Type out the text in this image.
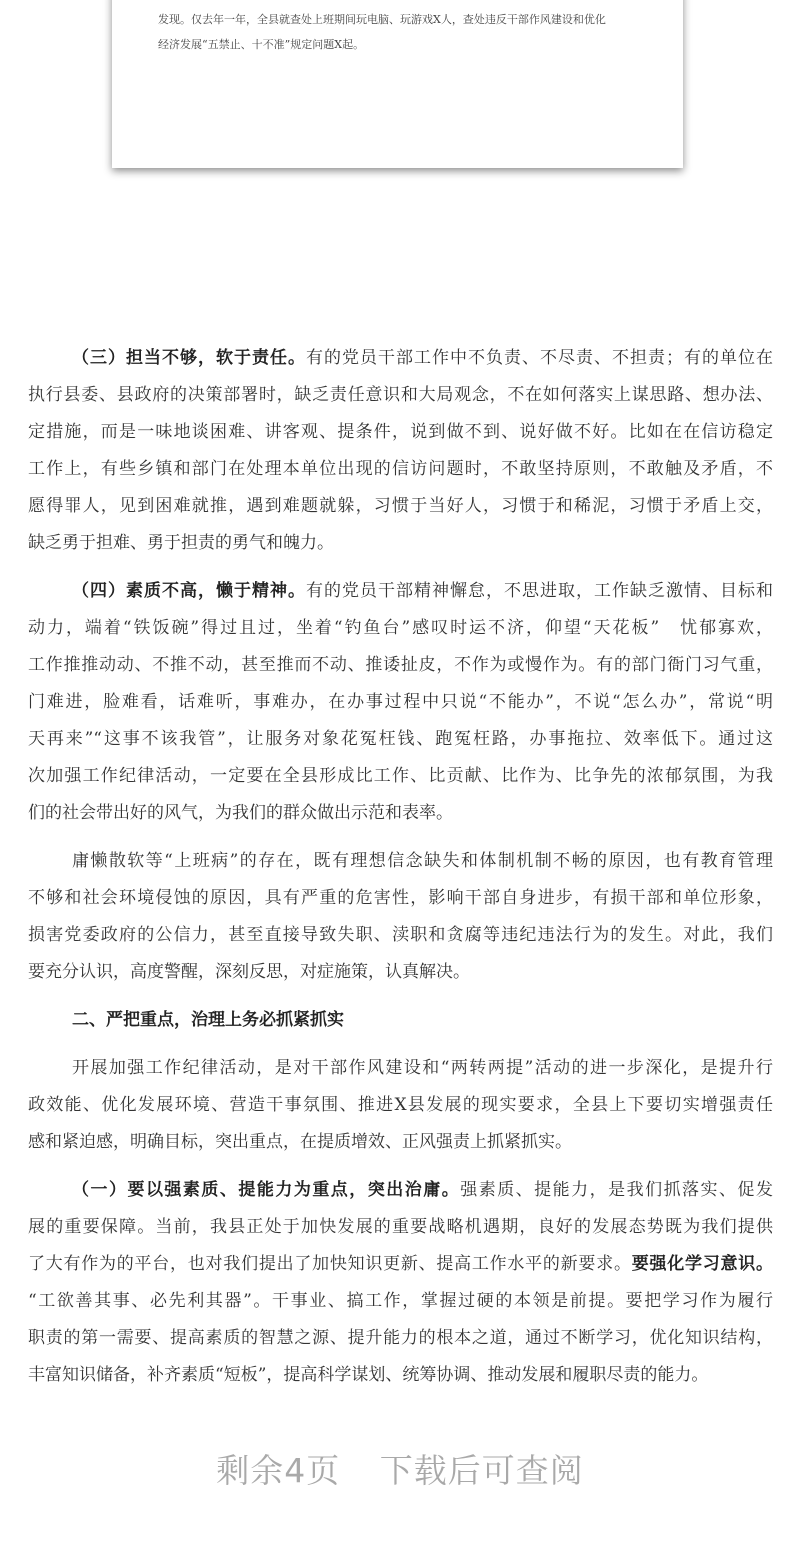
发现。仅去年一年，全县就查处上班期间玩电脑、玩游戏X人，查处违反干部作风建设和优化
经济发展“五禁止、十不准”规定问题X起。
（三）担当不够，软于责任。有的党员干部工作中不负责、不尽责、不担责；有的单位在
执行县委、县政府的决策部署时，缺乏责任意识和大局观念，不在如何落实上谋思路、想办法、
定措施，而是一味地谈困难、讲客观、提条件，说到做不到、说好做不好。比如在在信访稳定
工作上，有些乡镇和部门在处理本单位出现的信访问题时，不敢坚持原则，不敢触及矛盾，不
愿得罪人，见到困难就推，遇到难题就躲，习惯于当好人，习惯于和稀泥，习惯于矛盾上交，
缺乏勇于担难、勇于担责的勇气和魄力。
（四）素质不高，懒于精神。有的党员干部精神懈怠，不思进取，工作缺乏激情、目标和
动力，端着“铁饭碗”得过且过，坐着“钓鱼台”感叹时运不济，仰望“天花板”　忧郁寡欢，
工作推推动动、不推不动，甚至推而不动、推诿扯皮，不作为或慢作为。有的部门衙门习气重，
门难进，脸难看，话难听，事难办，在办事过程中只说“不能办”，不说“怎么办”，常说“明
天再来”“这事不该我管”，让服务对象花冤枉钱、跑冤枉路，办事拖拉、效率低下。通过这
次加强工作纪律活动，一定要在全县形成比工作、比贡献、比作为、比争先的浓郁氛围，为我
们的社会带出好的风气，为我们的群众做出示范和表率。
庸懒散软等“上班病”的存在，既有理想信念缺失和体制机制不畅的原因，也有教育管理
不够和社会环境侵蚀的原因，具有严重的危害性，影响干部自身进步，有损干部和单位形象，
损害党委政府的公信力，甚至直接导致失职、渎职和贪腐等违纪违法行为的发生。对此，我们
要充分认识，高度警醒，深刻反思，对症施策，认真解决。
二、严把重点，治理上务必抓紧抓实
开展加强工作纪律活动，是对干部作风建设和“两转两提”活动的进一步深化，是提升行
政效能、优化发展环境、营造干事氛围、推进X县发展的现实要求，全县上下要切实增强责任
感和紧迫感，明确目标，突出重点，在提质增效、正风强责上抓紧抓实。
（一）要以强素质、提能力为重点，突出治庸。强素质、提能力，是我们抓落实、促发
展的重要保障。当前，我县正处于加快发展的重要战略机遇期，良好的发展态势既为我们提供
了大有作为的平台，也对我们提出了加快知识更新、提高工作水平的新要求。要强化学习意识。
“工欲善其事、必先利其器”。干事业、搞工作，掌握过硬的本领是前提。要把学习作为履行
职责的第一需要、提高素质的智慧之源、提升能力的根本之道，通过不断学习，优化知识结构，
丰富知识储备，补齐素质“短板”，提高科学谋划、统筹协调、推动发展和履职尽责的能力。
剩余4页 下载后可查阅
